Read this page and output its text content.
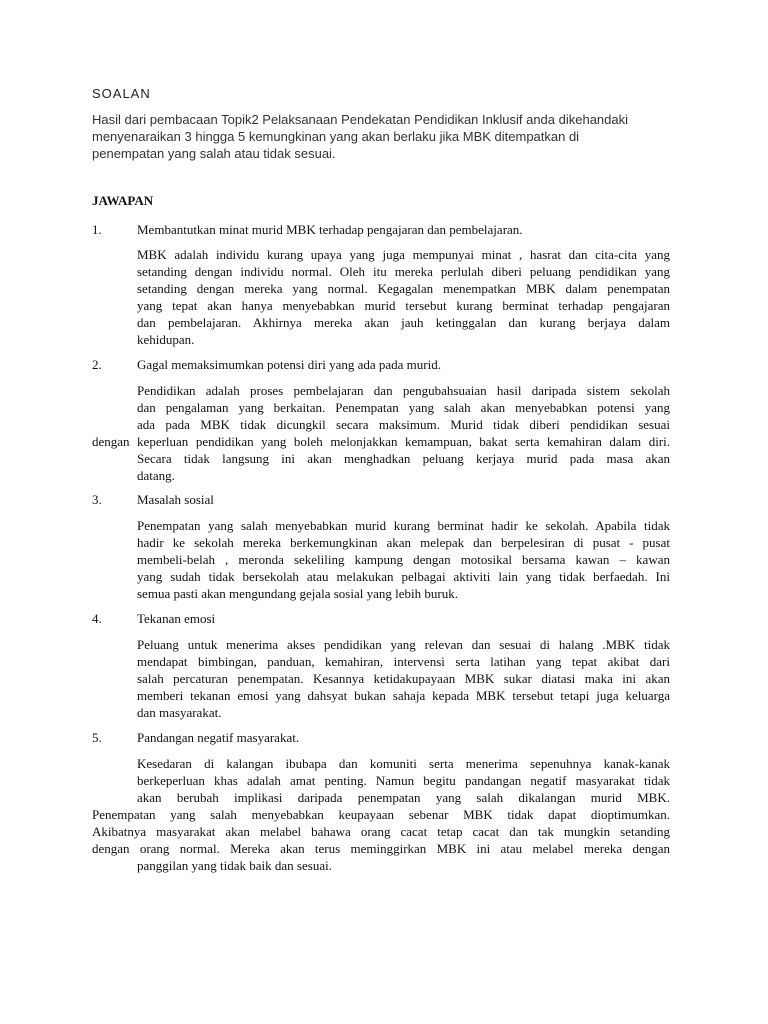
SOALAN
Hasil dari pembacaan Topik2 Pelaksanaan Pendekatan Pendidikan Inklusif anda dikehandaki
menyenaraikan 3 hingga 5 kemungkinan yang akan berlaku jika MBK ditempatkan di
penempatan yang salah atau tidak sesuai.
JAWAPAN
1.	Membantutkan minat murid MBK terhadap pengajaran dan pembelajaran.
MBK adalah individu kurang upaya yang juga mempunyai minat , hasrat dan cita-cita yang
setanding dengan individu normal. Oleh itu mereka perlulah diberi peluang pendidikan yang
setanding dengan mereka yang normal. Kegagalan menempatkan MBK dalam penempatan
yang tepat akan hanya menyebabkan murid tersebut kurang berminat terhadap pengajaran
dan pembelajaran. Akhirnya mereka akan jauh ketinggalan dan kurang berjaya dalam
kehidupan.
2.	Gagal memaksimumkan potensi diri yang ada pada murid.
Pendidikan adalah proses pembelajaran dan pengubahsuaian hasil daripada sistem sekolah
dan pengalaman yang berkaitan. Penempatan yang salah akan menyebabkan potensi yang
ada pada MBK tidak dicungkil secara maksimum. Murid tidak diberi pendidikan sesuai
dengan keperluan pendidikan yang boleh melonjakkan kemampuan, bakat serta kemahiran dalam diri.
Secara tidak langsung ini akan menghadkan peluang kerjaya murid pada masa akan
datang.
3.	Masalah sosial
Penempatan yang salah menyebabkan murid kurang berminat hadir ke sekolah. Apabila tidak
hadir ke sekolah mereka berkemungkinan akan melepak dan berpelesiran di pusat - pusat
membeli-belah , meronda sekeliling kampung dengan motosikal bersama kawan – kawan
yang sudah tidak bersekolah atau melakukan pelbagai aktiviti lain yang tidak berfaedah. Ini
semua pasti akan mengundang gejala sosial yang lebih buruk.
4.	Tekanan emosi
Peluang untuk menerima akses pendidikan yang relevan dan sesuai di halang .MBK tidak
mendapat bimbingan, panduan, kemahiran, intervensi serta latihan yang tepat akibat dari
salah percaturan penempatan. Kesannya ketidakupayaan MBK sukar diatasi maka ini akan
memberi tekanan emosi yang dahsyat bukan sahaja kepada MBK tersebut tetapi juga keluarga
dan masyarakat.
5.	Pandangan negatif masyarakat.
Kesedaran di kalangan ibubapa dan komuniti serta menerima sepenuhnya kanak-kanak
berkeperluan khas adalah amat penting. Namun begitu pandangan negatif masyarakat tidak
akan berubah implikasi daripada penempatan yang salah dikalangan murid MBK.
Penempatan yang salah menyebabkan keupayaan sebenar MBK tidak dapat dioptimumkan.
Akibatnya masyarakat akan melabel bahawa orang cacat tetap cacat dan tak mungkin setanding
dengan orang normal. Mereka akan terus meminggirkan MBK ini atau melabel mereka dengan
panggilan yang tidak baik dan sesuai.
